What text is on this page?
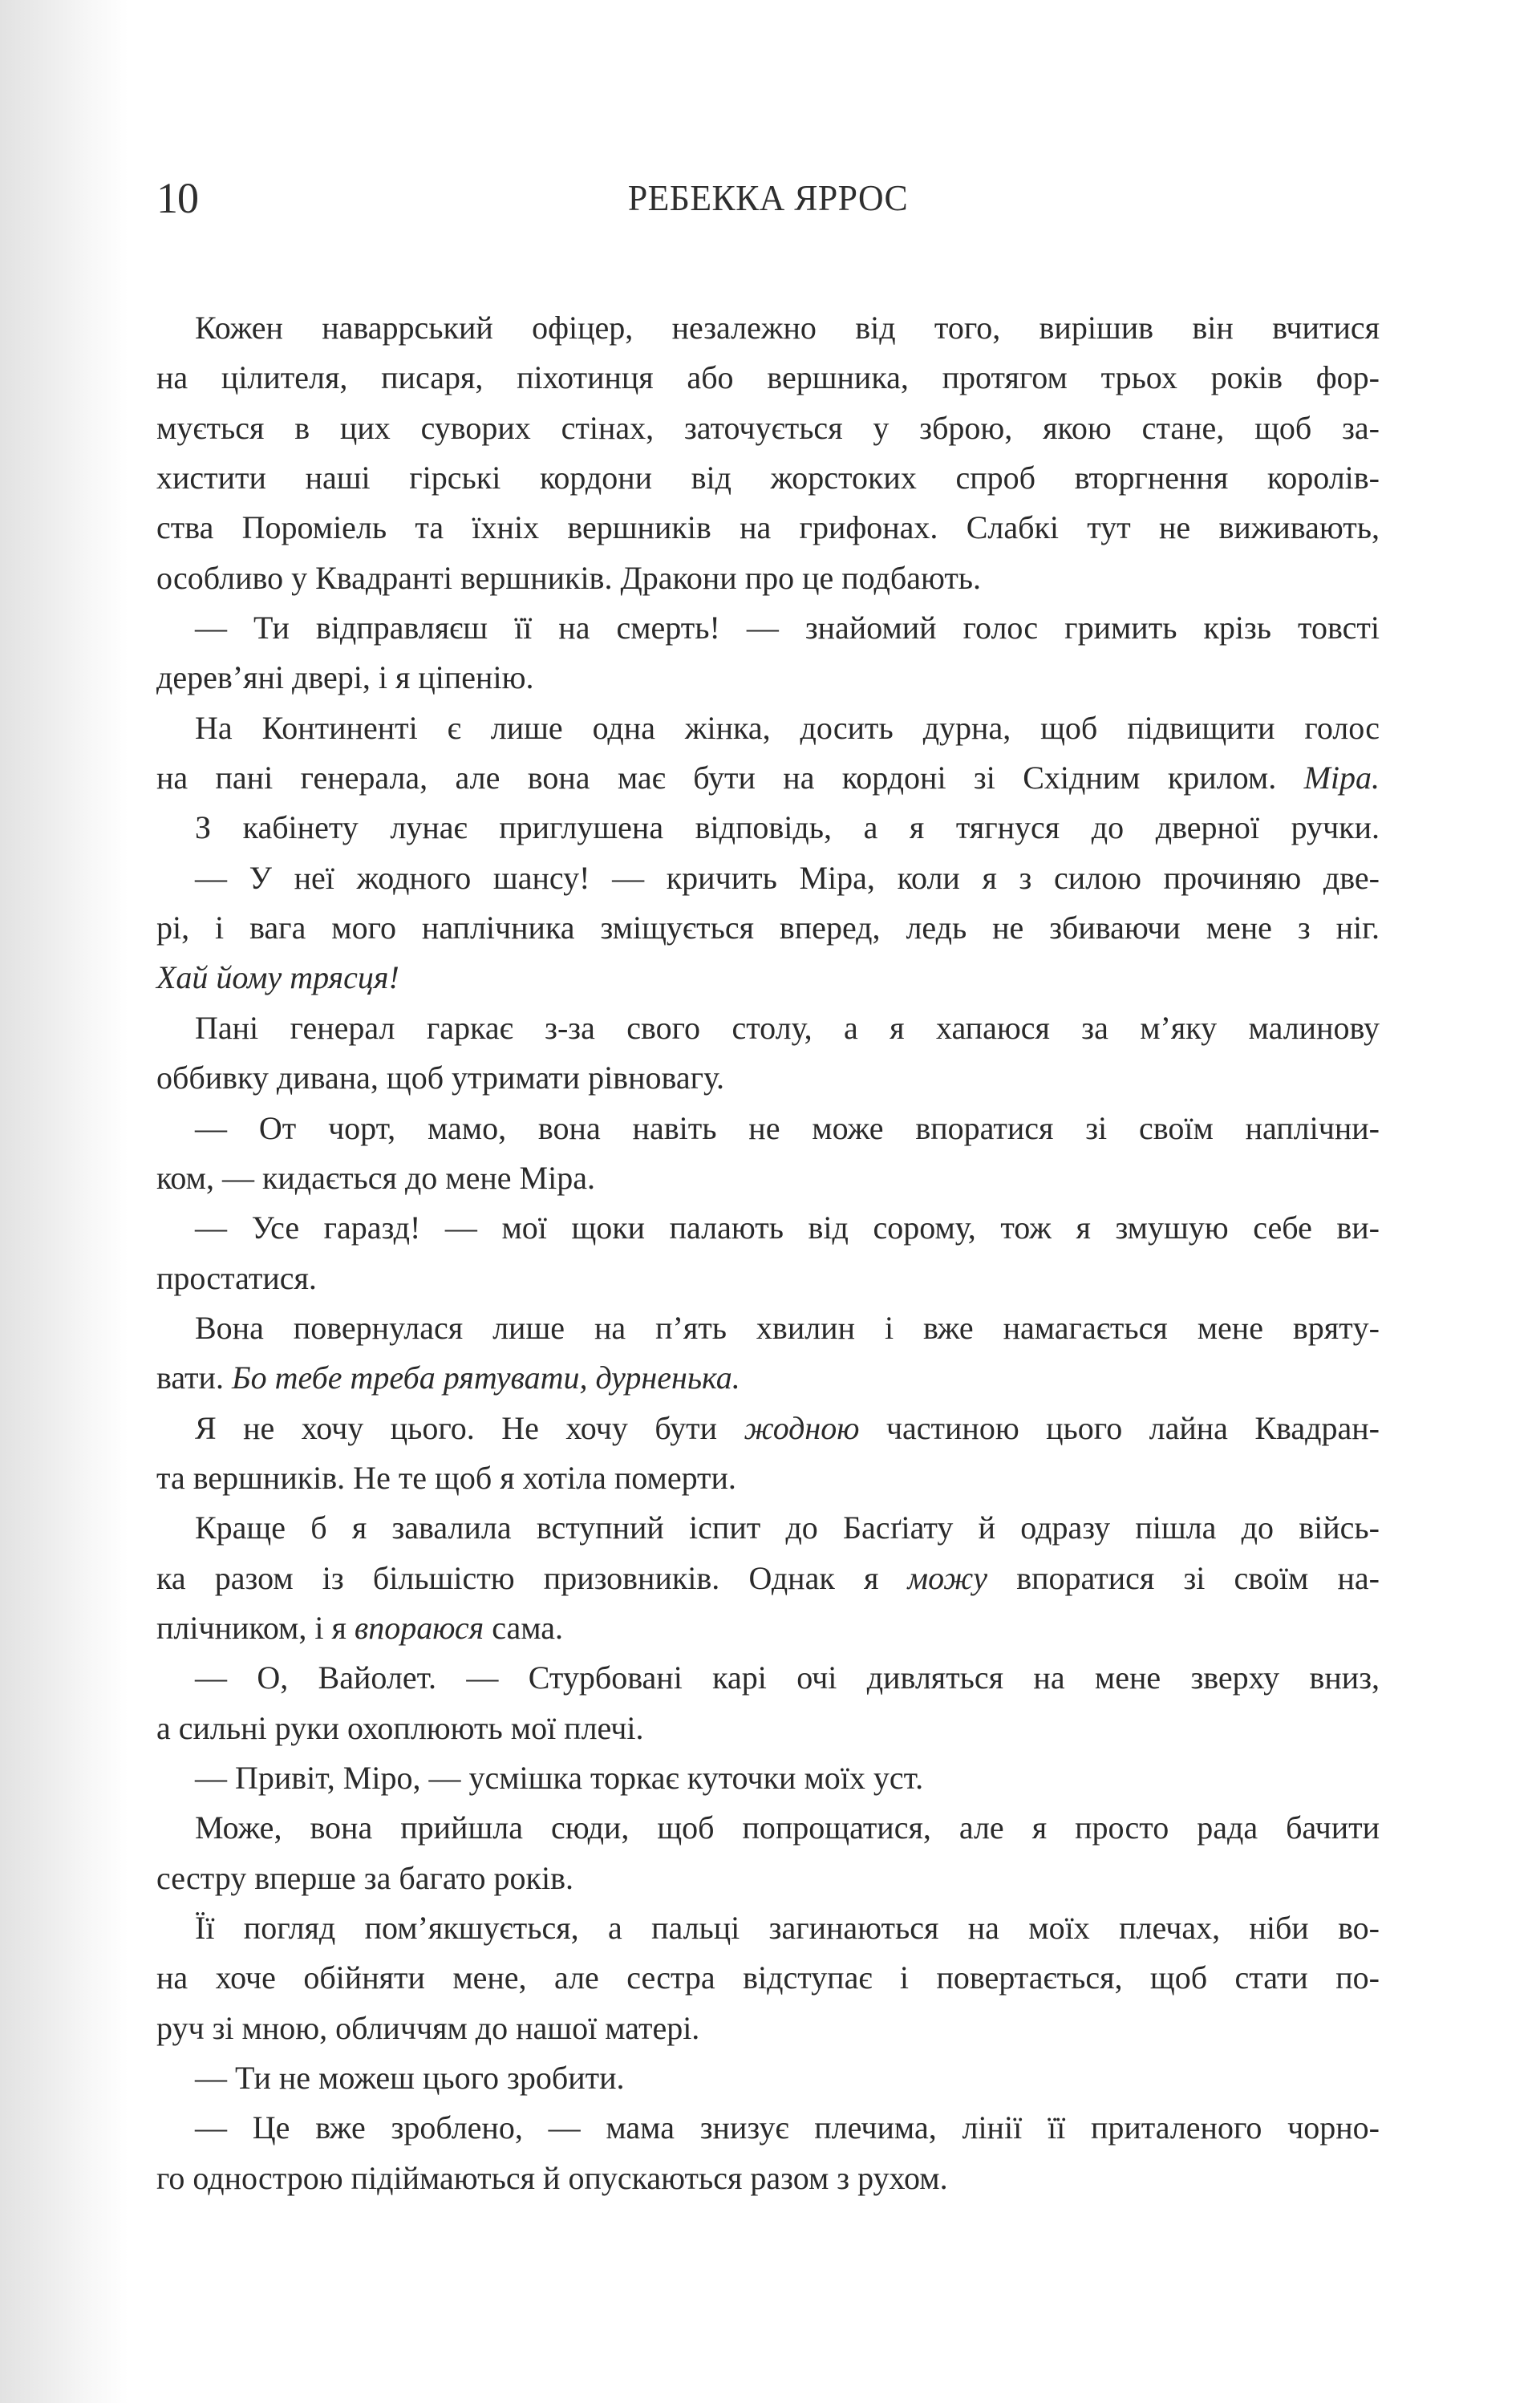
10	РЕБЕККА ЯРРОС
Кожен наваррський офіцер, незалежно від того, вирішив він вчитися
на цілителя, писаря, піхотинця або вершника, протягом трьох років фор-
мується в цих суворих стінах, заточується у зброю, якою стане, щоб за-
хистити наші гірські кордони від жорстоких спроб вторгнення королів-
ства Пороміель та їхніх вершників на грифонах. Слабкі тут не виживають,
особливо у Квадранті вершників. Дракони про це подбають.
— Ти відправляєш її на смерть! — знайомий голос гримить крізь товсті
дерев’яні двері, і я ціпенію.
На Континенті є лише одна жінка, досить дурна, щоб підвищити голос
на пані генерала, але вона має бути на кордоні зі Східним крилом. Міра.
З кабінету лунає приглушена відповідь, а я тягнуся до дверної ручки.
— У неї жодного шансу! — кричить Міра, коли я з силою прочиняю две-
рі, і вага мого наплічника зміщується вперед, ледь не збиваючи мене з ніг.
Хай йому трясця!
Пані генерал гаркає з-за свого столу, а я хапаюся за м’яку малинову
оббивку дивана, щоб утримати рівновагу.
— От чорт, мамо, вона навіть не може впоратися зі своїм наплічни-
ком, — кидається до мене Міра.
— Усе гаразд! — мої щоки палають від сорому, тож я змушую себе ви-
простатися.
Вона повернулася лише на п’ять хвилин і вже намагається мене врятy-
вати. Бо тебе треба рятувати, дурненька.
Я не хочу цього. Не хочу бути жодною частиною цього лайна Квадран-
та вершників. Не те щоб я хотіла померти.
Краще б я завалила вступний іспит до Басґіату й одразу пішла до війсь-
ка разом із більшістю призовників. Однак я можу впоратися зі своїм на-
плічником, і я впораюся сама.
— О, Вайолет. — Стурбовані карі очі дивляться на мене зверху вниз,
а сильні руки охоплюють мої плечі.
— Привіт, Міро, — усмішка торкає куточки моїх уст.
Може, вона прийшла сюди, щоб попрощатися, але я просто рада бачити
сестру вперше за багато років.
Її погляд пом’якшується, а пальці загинаються на моїх плечах, ніби во-
на хоче обійняти мене, але сестра відступає і повертається, щоб стати по-
руч зі мною, обличчям до нашої матері.
— Ти не можеш цього зробити.
— Це вже зроблено, — мама знизує плечима, лінії її приталеного чорно-
го однострою підіймаються й опускаються разом з рухом.
